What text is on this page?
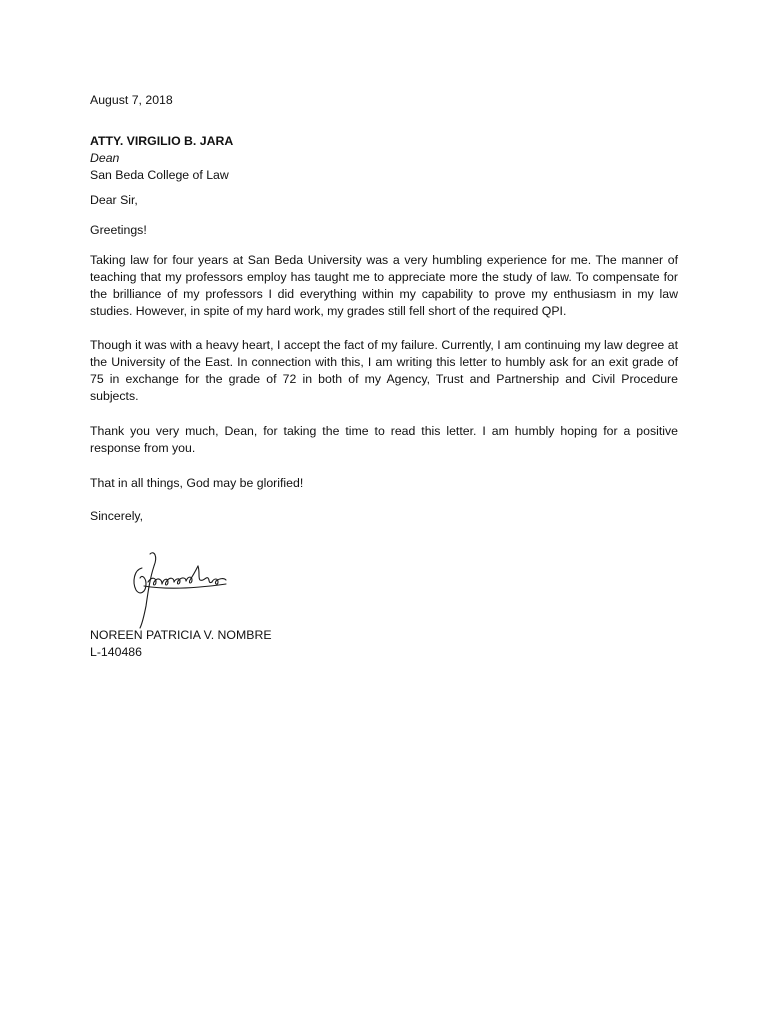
August 7, 2018
ATTY. VIRGILIO B. JARA
Dean
San Beda College of Law
Dear Sir,
Greetings!
Taking law for four years at San Beda University was a very humbling experience for me. The manner of teaching that my professors employ has taught me to appreciate more the study of law. To compensate for the brilliance of my professors I did everything within my capability to prove my enthusiasm in my law studies. However, in spite of my hard work, my grades still fell short of the required QPI.
Though it was with a heavy heart, I accept the fact of my failure. Currently, I am continuing my law degree at the University of the East. In connection with this, I am writing this letter to humbly ask for an exit grade of 75 in exchange for the grade of 72 in both of my Agency, Trust and Partnership and Civil Procedure subjects.
Thank you very much, Dean, for taking the time to read this letter. I am humbly hoping for a positive response from you.
That in all things, God may be glorified!
Sincerely,
NOREEN PATRICIA V. NOMBRE
L-140486
